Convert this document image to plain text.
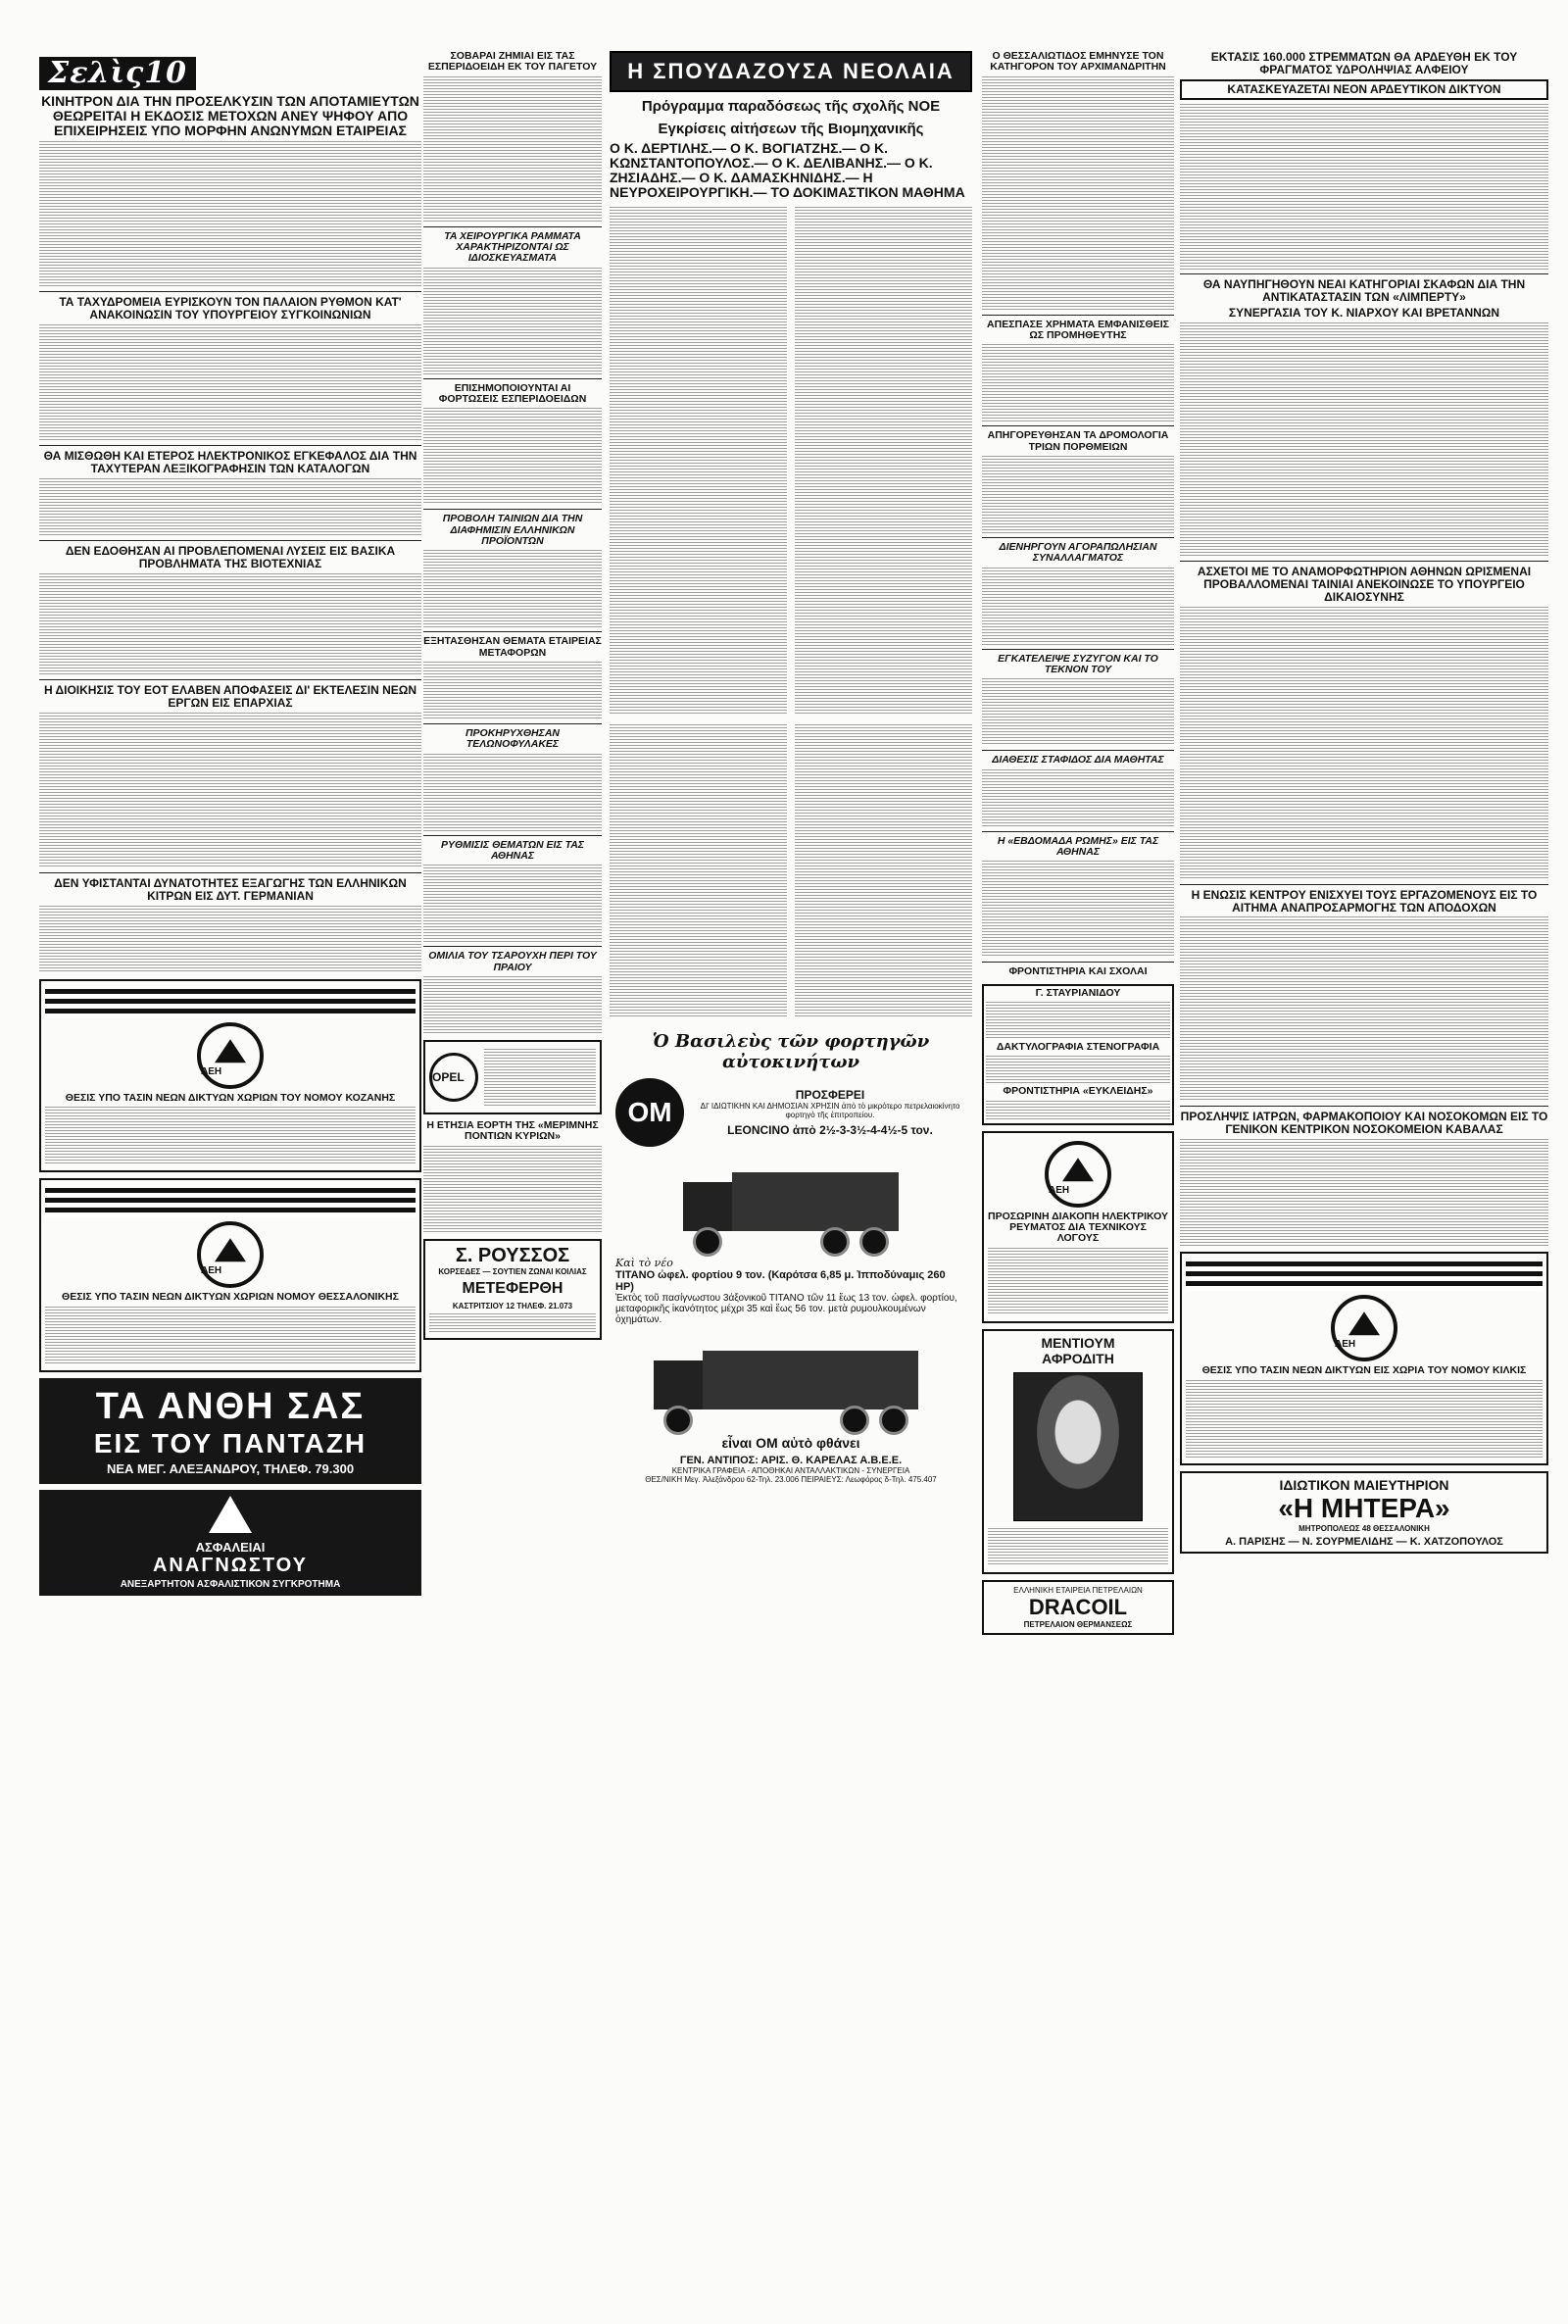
Σελὶς10
ΚΙΝΗΤΡΟΝ ΔΙΑ ΤΗΝ ΠΡΟΣΕΛΚΥΣΙΝ ΤΩΝ ΑΠΟΤΑΜΙΕΥΤΩΝ ΘΕΩΡΕΙΤΑΙ Η ΕΚΔΟΣΙΣ ΜΕΤΟΧΩΝ ΑΝΕΥ ΨΗΦΟΥ ΑΠΟ ΕΠΙΧΕΙΡΗΣΕΙΣ ΥΠΟ ΜΟΡΦΗΝ ΑΝΩΝΥΜΩΝ ΕΤΑΙΡΕΙΑΣ
ΤΑ ΤΑΧΥΔΡΟΜΕΙΑ ΕΥΡΙΣΚΟΥΝ ΤΟΝ ΠΑΛΑΙΟΝ ΡΥΘΜΟΝ ΚΑΤ' ΑΝΑΚΟΙΝΩΣΙΝ ΤΟΥ ΥΠΟΥΡΓΕΙΟΥ ΣΥΓΚΟΙΝΩΝΙΩΝ
ΘΑ ΜΙΣΘΩΘΗ ΚΑΙ ΕΤΕΡΟΣ ΗΛΕΚΤΡΟΝΙΚΟΣ ΕΓΚΕΦΑΛΟΣ ΔΙΑ ΤΗΝ ΤΑΧΥΤΕΡΑΝ ΛΕΞΙΚΟΓΡΑΦΗΣΙΝ ΤΩΝ ΚΑΤΑΛΟΓΩΝ
ΔΕΝ ΕΔΟΘΗΣΑΝ ΑΙ ΠΡΟΒΛΕΠΟΜΕΝΑΙ ΛΥΣΕΙΣ ΕΙΣ ΒΑΣΙΚΑ ΠΡΟΒΛΗΜΑΤΑ ΤΗΣ ΒΙΟΤΕΧΝΙΑΣ
Η ΔΙΟΙΚΗΣΙΣ ΤΟΥ ΕΟΤ ΕΛΑΒΕΝ ΑΠΟΦΑΣΕΙΣ ΔΙ' ΕΚΤΕΛΕΣΙΝ ΝΕΩΝ ΕΡΓΩΝ ΕΙΣ ΕΠΑΡΧΙΑΣ
ΔΕΝ ΥΦΙΣΤΑΝΤΑΙ ΔΥΝΑΤΟΤΗΤΕΣ ΕΞΑΓΩΓΗΣ ΤΩΝ ΕΛΛΗΝΙΚΩΝ ΚΙΤΡΩΝ ΕΙΣ ΔΥΤ. ΓΕΡΜΑΝΙΑΝ
ΔΕΗ
ΘΕΣΙΣ ΥΠΟ ΤΑΣΙΝ ΝΕΩΝ ΔΙΚΤΥΩΝ ΧΩΡΙΩΝ ΤΟΥ ΝΟΜΟΥ ΚΟΖΑΝΗΣ
ΔΕΗ
ΘΕΣΙΣ ΥΠΟ ΤΑΣΙΝ ΝΕΩΝ ΔΙΚΤΥΩΝ ΧΩΡΙΩΝ ΝΟΜΟΥ ΘΕΣΣΑΛΟΝΙΚΗΣ
ΤΑ ΑΝΘΗ ΣΑΣ
ΕΙΣ ΤΟΥ ΠΑΝΤΑΖΗ
ΝΕΑ ΜΕΓ. ΑΛΕΞΑΝΔΡΟΥ, ΤΗΛΕΦ. 79.300
ΑΣΦΑΛΕΙΑΙ
ΑΝΑΓΝΩΣΤΟΥ
ΑΝΕΞΑΡΤΗΤΟΝ ΑΣΦΑΛΙΣΤΙΚΟΝ ΣΥΓΚΡΟΤΗΜΑ
ΣΟΒΑΡΑΙ ΖΗΜΙΑΙ ΕΙΣ ΤΑΣ ΕΣΠΕΡΙΔΟΕΙΔΗ ΕΚ ΤΟΥ ΠΑΓΕΤΟΥ
ΤΑ ΧΕΙΡΟΥΡΓΙΚΑ ΡΑΜΜΑΤΑ ΧΑΡΑΚΤΗΡΙΖΟΝΤΑΙ ΩΣ ΙΔΙΟΣΚΕΥΑΣΜΑΤΑ
ΕΠΙΣΗΜΟΠΟΙΟΥΝΤΑΙ ΑΙ ΦΟΡΤΩΣΕΙΣ ΕΣΠΕΡΙΔΟΕΙΔΩΝ
ΠΡΟΒΟΛΗ ΤΑΙΝΙΩΝ ΔΙΑ ΤΗΝ ΔΙΑΦΗΜΙΣΙΝ ΕΛΛΗΝΙΚΩΝ ΠΡΟΪΟΝΤΩΝ
ΕΞΗΤΑΣΘΗΣΑΝ ΘΕΜΑΤΑ ΕΤΑΙΡΕΙΑΣ ΜΕΤΑΦΟΡΩΝ
ΠΡΟΚΗΡΥΧΘΗΣΑΝ ΤΕΛΩΝΟΦΥΛΑΚΕΣ
ΡΥΘΜΙΣΙΣ ΘΕΜΑΤΩΝ ΕΙΣ ΤΑΣ ΑΘΗΝΑΣ
ΟΜΙΛΙΑ ΤΟΥ ΤΣΑΡΟΥΧΗ ΠΕΡΙ ΤΟΥ ΠΡΑΙΟΥ
OPEL
Η ΕΤΗΣΙΑ ΕΟΡΤΗ ΤΗΣ «ΜΕΡΙΜΝΗΣ ΠΟΝΤΙΩΝ ΚΥΡΙΩΝ»
Σ. ΡΟΥΣΣΟΣ
ΚΟΡΣΕΔΕΣ — ΣΟΥΤΙΕΝ ΖΩΝΑΙ ΚΟΙΛΙΑΣ
ΜΕΤΕΦΕΡΘΗ
ΚΑΣΤΡΙΤΣΙΟΥ 12 ΤΗΛΕΦ. 21.073
Η ΣΠΟΥΔΑΖΟΥΣΑ ΝΕΟΛΑΙΑ
Πρόγραμμα παραδόσεως τῆς σχολῆς ΝΟΕ
Εγκρίσεις αἰτήσεων τῆς Βιομηχανικῆς
Ο Κ. ΔΕΡΤΙΛΗΣ.— Ο Κ. ΒΟΓΙΑΤΖΗΣ.— Ο Κ. ΚΩΝΣΤΑΝΤΟΠΟΥΛΟΣ.— Ο Κ. ΔΕΛΙΒΑΝΗΣ.— Ο Κ. ΖΗΣΙΑΔΗΣ.— Ο Κ. ΔΑΜΑΣΚΗΝΙΔΗΣ.— Η ΝΕΥΡΟΧΕΙΡΟΥΡΓΙΚΗ.— ΤΟ ΔΟΚΙΜΑΣΤΙΚΟΝ ΜΑΘΗΜΑ
Ὁ Βασιλεὺς τῶν φορτηγῶν αὐτοκινήτων
ΟΜ
ΠΡΟΣΦΕΡΕΙ
ΔΙ' ΙΔΙΩΤΙΚΗΝ ΚΑΙ ΔΗΜΟΣΙΑΝ ΧΡΗΣΙΝ ἀπὸ τὸ μικρότερο πετρελαιοκίνητο φορτηγὸ τῆς ἐπιτροπείου.
LEONCINO ἀπὸ 2½-3-3½-4-4½-5 τον.
Καὶ τὸ νέο
ΤΙΤΑΝΟ ὠφελ. φορτίου 9 τον. (Καρότσα 6,85 μ. Ἰπποδύναμις 260 HP)
Ἐκτὸς τοῦ πασίγνωστου 3άξονικοῦ ΤΙΤΑΝΟ τῶν 11 ἕως 13 τον. ὠφελ. φορτίου, μεταφορικῆς ἱκανότητος μέχρι 35 καὶ ἕως 56 τον. μετὰ ρυμουλκουμένων ὀχημάτων.
εἶναι ΟΜ αὐτὸ φθάνει
ΓΕΝ. ΑΝΤΙΠΟΣ: ΑΡΙΣ. Θ. ΚΑΡΕΛΑΣ Α.Β.Ε.Ε.
ΚΕΝΤΡΙΚΑ ΓΡΑΦΕΙΑ - ΑΠΟΘΗΚΑΙ ΑΝΤΑΛΛΑΚΤΙΚΩΝ - ΣΥΝΕΡΓΕΙΑ
ΘΕΣ/ΝΙΚΗ Μεγ. Ἀλεξάνδρου 62-Τηλ. 23.006 ΠΕΙΡΑΙΕΥΣ: Λεωφόρος δ-Τηλ. 475.407
Ο ΘΕΣΣΑΛΙΩΤΙΔΟΣ ΕΜΗΝΥΣΕ ΤΟΝ ΚΑΤΗΓΟΡΟΝ ΤΟΥ ΑΡΧΙΜΑΝΔΡΙΤΗΝ
ΑΠΕΣΠΑΣΕ ΧΡΗΜΑΤΑ ΕΜΦΑΝΙΣΘΕΙΣ ΩΣ ΠΡΟΜΗΘΕΥΤΗΣ
ΑΠΗΓΟΡΕΥΘΗΣΑΝ ΤΑ ΔΡΟΜΟΛΟΓΙΑ ΤΡΙΩΝ ΠΟΡΘΜΕΙΩΝ
ΔΙΕΝΗΡΓΟΥΝ ΑΓΟΡΑΠΩΛΗΣΙΑΝ ΣΥΝΑΛΛΑΓΜΑΤΟΣ
ΕΓΚΑΤΕΛΕΙΨΕ ΣΥΖΥΓΟΝ ΚΑΙ ΤΟ ΤΕΚΝΟΝ ΤΟΥ
ΔΙΑΘΕΣΙΣ ΣΤΑΦΙΔΟΣ ΔΙΑ ΜΑΘΗΤΑΣ
Η «ΕΒΔΟΜΑΔΑ ΡΩΜΗΣ» ΕΙΣ ΤΑΣ ΑΘΗΝΑΣ
ΦΡΟΝΤΙΣΤΗΡΙΑ ΚΑΙ ΣΧΟΛΑΙ
Γ. ΣΤΑΥΡΙΑΝΙΔΟΥ
ΔΑΚΤΥΛΟΓΡΑΦΙΑ ΣΤΕΝΟΓΡΑΦΙΑ
ΦΡΟΝΤΙΣΤΗΡΙΑ «ΕΥΚΛΕΙΔΗΣ»
ΔΕΗ
ΠΡΟΣΩΡΙΝΗ ΔΙΑΚΟΠΗ ΗΛΕΚΤΡΙΚΟΥ ΡΕΥΜΑΤΟΣ ΔΙΑ ΤΕΧΝΙΚΟΥΣ ΛΟΓΟΥΣ
ΜΕΝΤΙΟΥΜ
ΑΦΡΟΔΙΤΗ
ΕΛΛΗΝΙΚΗ ΕΤΑΙΡΕΙΑ ΠΕΤΡΕΛΑΙΩΝ
DRACOIL
ΠΕΤΡΕΛΑΙΟΝ ΘΕΡΜΑΝΣΕΩΣ
ΕΚΤΑΣΙΣ 160.000 ΣΤΡΕΜΜΑΤΩΝ ΘΑ ΑΡΔΕΥΘΗ ΕΚ ΤΟΥ ΦΡΑΓΜΑΤΟΣ ΥΔΡΟΛΗΨΙΑΣ ΑΛΦΕΙΟΥ
ΚΑΤΑΣΚΕΥΑΖΕΤΑΙ ΝΕΟΝ ΑΡΔΕΥΤΙΚΟΝ ΔΙΚΤΥΟΝ
ΘΑ ΝΑΥΠΗΓΗΘΟΥΝ ΝΕΑΙ ΚΑΤΗΓΟΡΙΑΙ ΣΚΑΦΩΝ ΔΙΑ ΤΗΝ ΑΝΤΙΚΑΤΑΣΤΑΣΙΝ ΤΩΝ «ΛΙΜΠΕΡΤΥ»
ΣΥΝΕΡΓΑΣΙΑ ΤΟΥ Κ. ΝΙΑΡΧΟΥ ΚΑΙ ΒΡΕΤΑΝΝΩΝ
ΑΣΧΕΤΟΙ ΜΕ ΤΟ ΑΝΑΜΟΡΦΩΤΗΡΙΟΝ ΑΘΗΝΩΝ ΩΡΙΣΜΕΝΑΙ ΠΡΟΒΑΛΛΟΜΕΝΑΙ ΤΑΙΝΙΑΙ ΑΝΕΚΟΙΝΩΣΕ ΤΟ ΥΠΟΥΡΓΕΙΟ ΔΙΚΑΙΟΣΥΝΗΣ
Η ΕΝΩΣΙΣ ΚΕΝΤΡΟΥ ΕΝΙΣΧΥΕΙ ΤΟΥΣ ΕΡΓΑΖΟΜΕΝΟΥΣ ΕΙΣ ΤΟ ΑΙΤΗΜΑ ΑΝΑΠΡΟΣΑΡΜΟΓΗΣ ΤΩΝ ΑΠΟΔΟΧΩΝ
ΠΡΟΣΛΗΨΙΣ ΙΑΤΡΩΝ, ΦΑΡΜΑΚΟΠΟΙΟΥ ΚΑΙ ΝΟΣΟΚΟΜΩΝ ΕΙΣ ΤΟ ΓΕΝΙΚΟΝ ΚΕΝΤΡΙΚΟΝ ΝΟΣΟΚΟΜΕΙΟΝ ΚΑΒΑΛΑΣ
ΔΕΗ
ΘΕΣΙΣ ΥΠΟ ΤΑΣΙΝ ΝΕΩΝ ΔΙΚΤΥΩΝ ΕΙΣ ΧΩΡΙΑ ΤΟΥ ΝΟΜΟΥ ΚΙΛΚΙΣ
ΙΔΙΩΤΙΚΟΝ ΜΑΙΕΥΤΗΡΙΟΝ
«Η ΜΗΤΕΡΑ»
ΜΗΤΡΟΠΟΛΕΩΣ 48 ΘΕΣΣΑΛΟΝΙΚΗ
Α. ΠΑΡΙΣΗΣ — Ν. ΣΟΥΡΜΕΛΙΔΗΣ — Κ. ΧΑΤΖΟΠΟΥΛΟΣ
